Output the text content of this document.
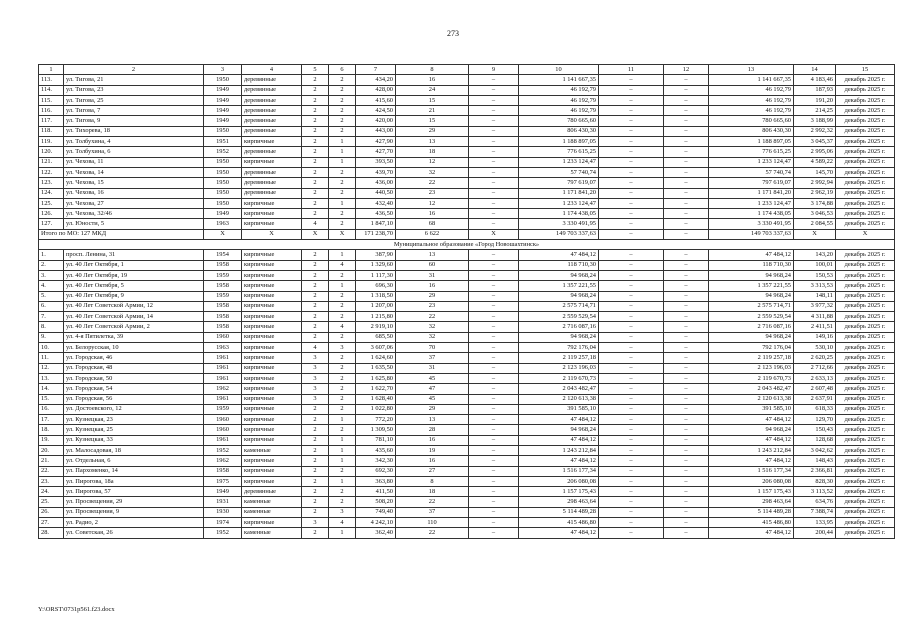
273
1	2	3	4	5	6	7	8	9	10	11	12	13	14	15
113.	ул. Тигова, 21	1950	деревянные	2	2	434,20	16	–	1 141 667,35	–	–	1 141 667,35	4 183,46	декабрь 2025 г.
114.	ул. Тигова, 23	1949	деревянные	2	2	428,00	24	–	46 192,79	–	–	46 192,79	187,93	декабрь 2025 г.
115.	ул. Тигова, 25	1949	деревянные	2	2	415,60	15	–	46 192,79	–	–	46 192,79	191,20	декабрь 2025 г.
116.	ул. Тигова, 7	1949	деревянные	2	2	424,50	21	–	46 192,79	–	–	46 192,79	214,25	декабрь 2025 г.
117.	ул. Тигова, 9	1949	деревянные	2	2	420,00	15	–	780 665,60	–	–	780 665,60	3 188,99	декабрь 2025 г.
118.	ул. Тихорева, 18	1950	деревянные	2	2	443,00	29	–	806 430,30	–	–	806 430,30	2 992,32	декабрь 2025 г.
119.	ул. Толбухина, 4	1951	кирпичные	2	1	427,90	13	–	1 188 897,05	–	–	1 188 897,05	3 045,37	декабрь 2025 г.
120.	ул. Толбухина, 6	1952	деревянные	2	1	427,70	18	–	776 615,25	–	–	776 615,25	2 995,06	декабрь 2025 г.
121.	ул. Чехова, 11	1950	кирпичные	2	1	393,50	12	–	1 233 124,47	–	–	1 233 124,47	4 589,22	декабрь 2025 г.
122.	ул. Чехова, 14	1950	деревянные	2	2	439,70	32	–	57 740,74	–	–	57 740,74	145,70	декабрь 2025 г.
123.	ул. Чехова, 15	1950	деревянные	2	2	436,00	22	–	797 619,07	–	–	797 619,07	2 992,94	декабрь 2025 г.
124.	ул. Чехова, 16	1950	деревянные	2	2	440,50	23	–	1 171 841,20	–	–	1 171 841,20	2 962,19	декабрь 2025 г.
125.	ул. Чехова, 27	1950	кирпичные	2	1	432,40	12	–	1 233 124,47	–	–	1 233 124,47	3 174,88	декабрь 2025 г.
126.	ул. Чехова, 32/46	1949	кирпичные	2	2	436,50	16	–	1 174 438,05	–	–	1 174 438,05	3 046,53	декабрь 2025 г.
127.	ул. Юности, 5	1963	кирпичные	4	2	1 847,10	68	–	3 330 491,95	–	–	3 330 491,95	2 084,55	декабрь 2025 г.
Итого по МО: 127 МКД		X	X	X	X	171 238,70	6 622	X	149 703 337,63	–	–	149 703 337,63	X	X
Муниципальное образование «Город Новошахтинск»														
1.	просп. Ленина, 31	1954	кирпичные	2	1	387,90	13	–	47 484,12	–	–	47 484,12	143,20	декабрь 2025 г.
2.	ул. 40 Лет Октября, 1	1958	кирпичные	2	4	1 329,60	60	–	118 710,30	–	–	118 710,30	100,01	декабрь 2025 г.
3.	ул. 40 Лет Октября, 19	1959	кирпичные	2	2	1 117,30	31	–	94 968,24	–	–	94 968,24	150,53	декабрь 2025 г.
4.	ул. 40 Лет Октября, 5	1958	кирпичные	2	1	696,30	16	–	1 357 221,55	–	–	1 357 221,55	3 313,53	декабрь 2025 г.
5.	ул. 40 Лет Октября, 9	1959	кирпичные	2	2	1 318,50	29	–	94 968,24	–	–	94 968,24	148,11	декабрь 2025 г.
6.	ул. 40 Лет Советской Армии, 12	1958	кирпичные	2	2	1 207,00	23	–	2 575 714,71	–	–	2 575 714,71	3 977,32	декабрь 2025 г.
7.	ул. 40 Лет Советской Армии, 14	1958	кирпичные	2	2	1 215,80	22	–	2 559 529,54	–	–	2 559 529,54	4 311,88	декабрь 2025 г.
8.	ул. 40 Лет Советской Армии, 2	1958	кирпичные	2	4	2 919,10	32	–	2 716 087,16	–	–	2 716 087,16	2 411,51	декабрь 2025 г.
9.	ул. 4-я Пятилетка, 39	1960	кирпичные	2	2	685,50	32	–	94 968,24	–	–	94 968,24	149,16	декабрь 2025 г.
10.	ул. Белорусская, 10	1963	кирпичные	4	3	3 607,06	70	–	792 176,04	–	–	792 176,04	530,10	декабрь 2025 г.
11.	ул. Городская, 46	1961	кирпичные	3	2	1 624,60	37	–	2 119 257,18	–	–	2 119 257,18	2 620,25	декабрь 2025 г.
12.	ул. Городская, 48	1961	кирпичные	3	2	1 635,50	31	–	2 123 196,03	–	–	2 123 196,03	2 712,66	декабрь 2025 г.
13.	ул. Городская, 50	1961	кирпичные	3	2	1 625,80	45	–	2 119 670,73	–	–	2 119 670,73	2 633,13	декабрь 2025 г.
14.	ул. Городская, 54	1962	кирпичные	3	2	1 622,70	47	–	2 043 482,47	–	–	2 043 482,47	2 607,48	декабрь 2025 г.
15.	ул. Городская, 56	1961	кирпичные	3	2	1 628,40	45	–	2 120 613,38	–	–	2 120 613,38	2 637,91	декабрь 2025 г.
16.	ул. Достоевского, 12	1959	кирпичные	2	2	1 022,80	29	–	391 585,10	–	–	391 585,10	618,33	декабрь 2025 г.
17.	ул. Кузнецкая, 23	1960	кирпичные	2	1	772,20	13	–	47 484,12	–	–	47 484,12	129,70	декабрь 2025 г.
18.	ул. Кузнецкая, 25	1960	кирпичные	2	2	1 309,50	28	–	94 968,24	–	–	94 968,24	150,43	декабрь 2025 г.
19.	ул. Кузнецкая, 33	1961	кирпичные	2	1	781,10	16	–	47 484,12	–	–	47 484,12	128,68	декабрь 2025 г.
20.	ул. Малосадовая, 18	1952	каменные	2	1	435,60	19	–	1 243 212,84	–	–	1 243 212,84	3 042,62	декабрь 2025 г.
21.	ул. Отдельная, 6	1962	кирпичные	2	1	342,30	16	–	47 484,12	–	–	47 484,12	148,43	декабрь 2025 г.
22.	ул. Пархоменко, 14	1958	кирпичные	2	2	692,30	27	–	1 516 177,34	–	–	1 516 177,34	2 366,81	декабрь 2025 г.
23.	ул. Пирогова, 18а	1975	кирпичные	2	1	363,80	8	–	206 080,08	–	–	206 080,08	828,30	декабрь 2025 г.
24.	ул. Пирогова, 57	1949	деревянные	2	2	411,50	18	–	1 157 175,43	–	–	1 157 175,43	3 113,52	декабрь 2025 г.
25.	ул. Просвещения, 29	1931	каменные	2	2	508,20	22	–	298 463,64	–	–	298 463,64	634,76	декабрь 2025 г.
26.	ул. Просвещения, 9	1930	каменные	2	3	749,40	37	–	5 114 489,28	–	–	5 114 489,28	7 388,74	декабрь 2025 г.
27.	ул. Радио, 2	1974	кирпичные	3	4	4 242,10	110	–	415 486,80	–	–	415 486,80	133,95	декабрь 2025 г.
28.	ул. Советская, 26	1952	каменные	2	1	362,40	22	–	47 484,12	–	–	47 484,12	200,44	декабрь 2025 г.
Y:\ORST\0731p561.f23.docx
